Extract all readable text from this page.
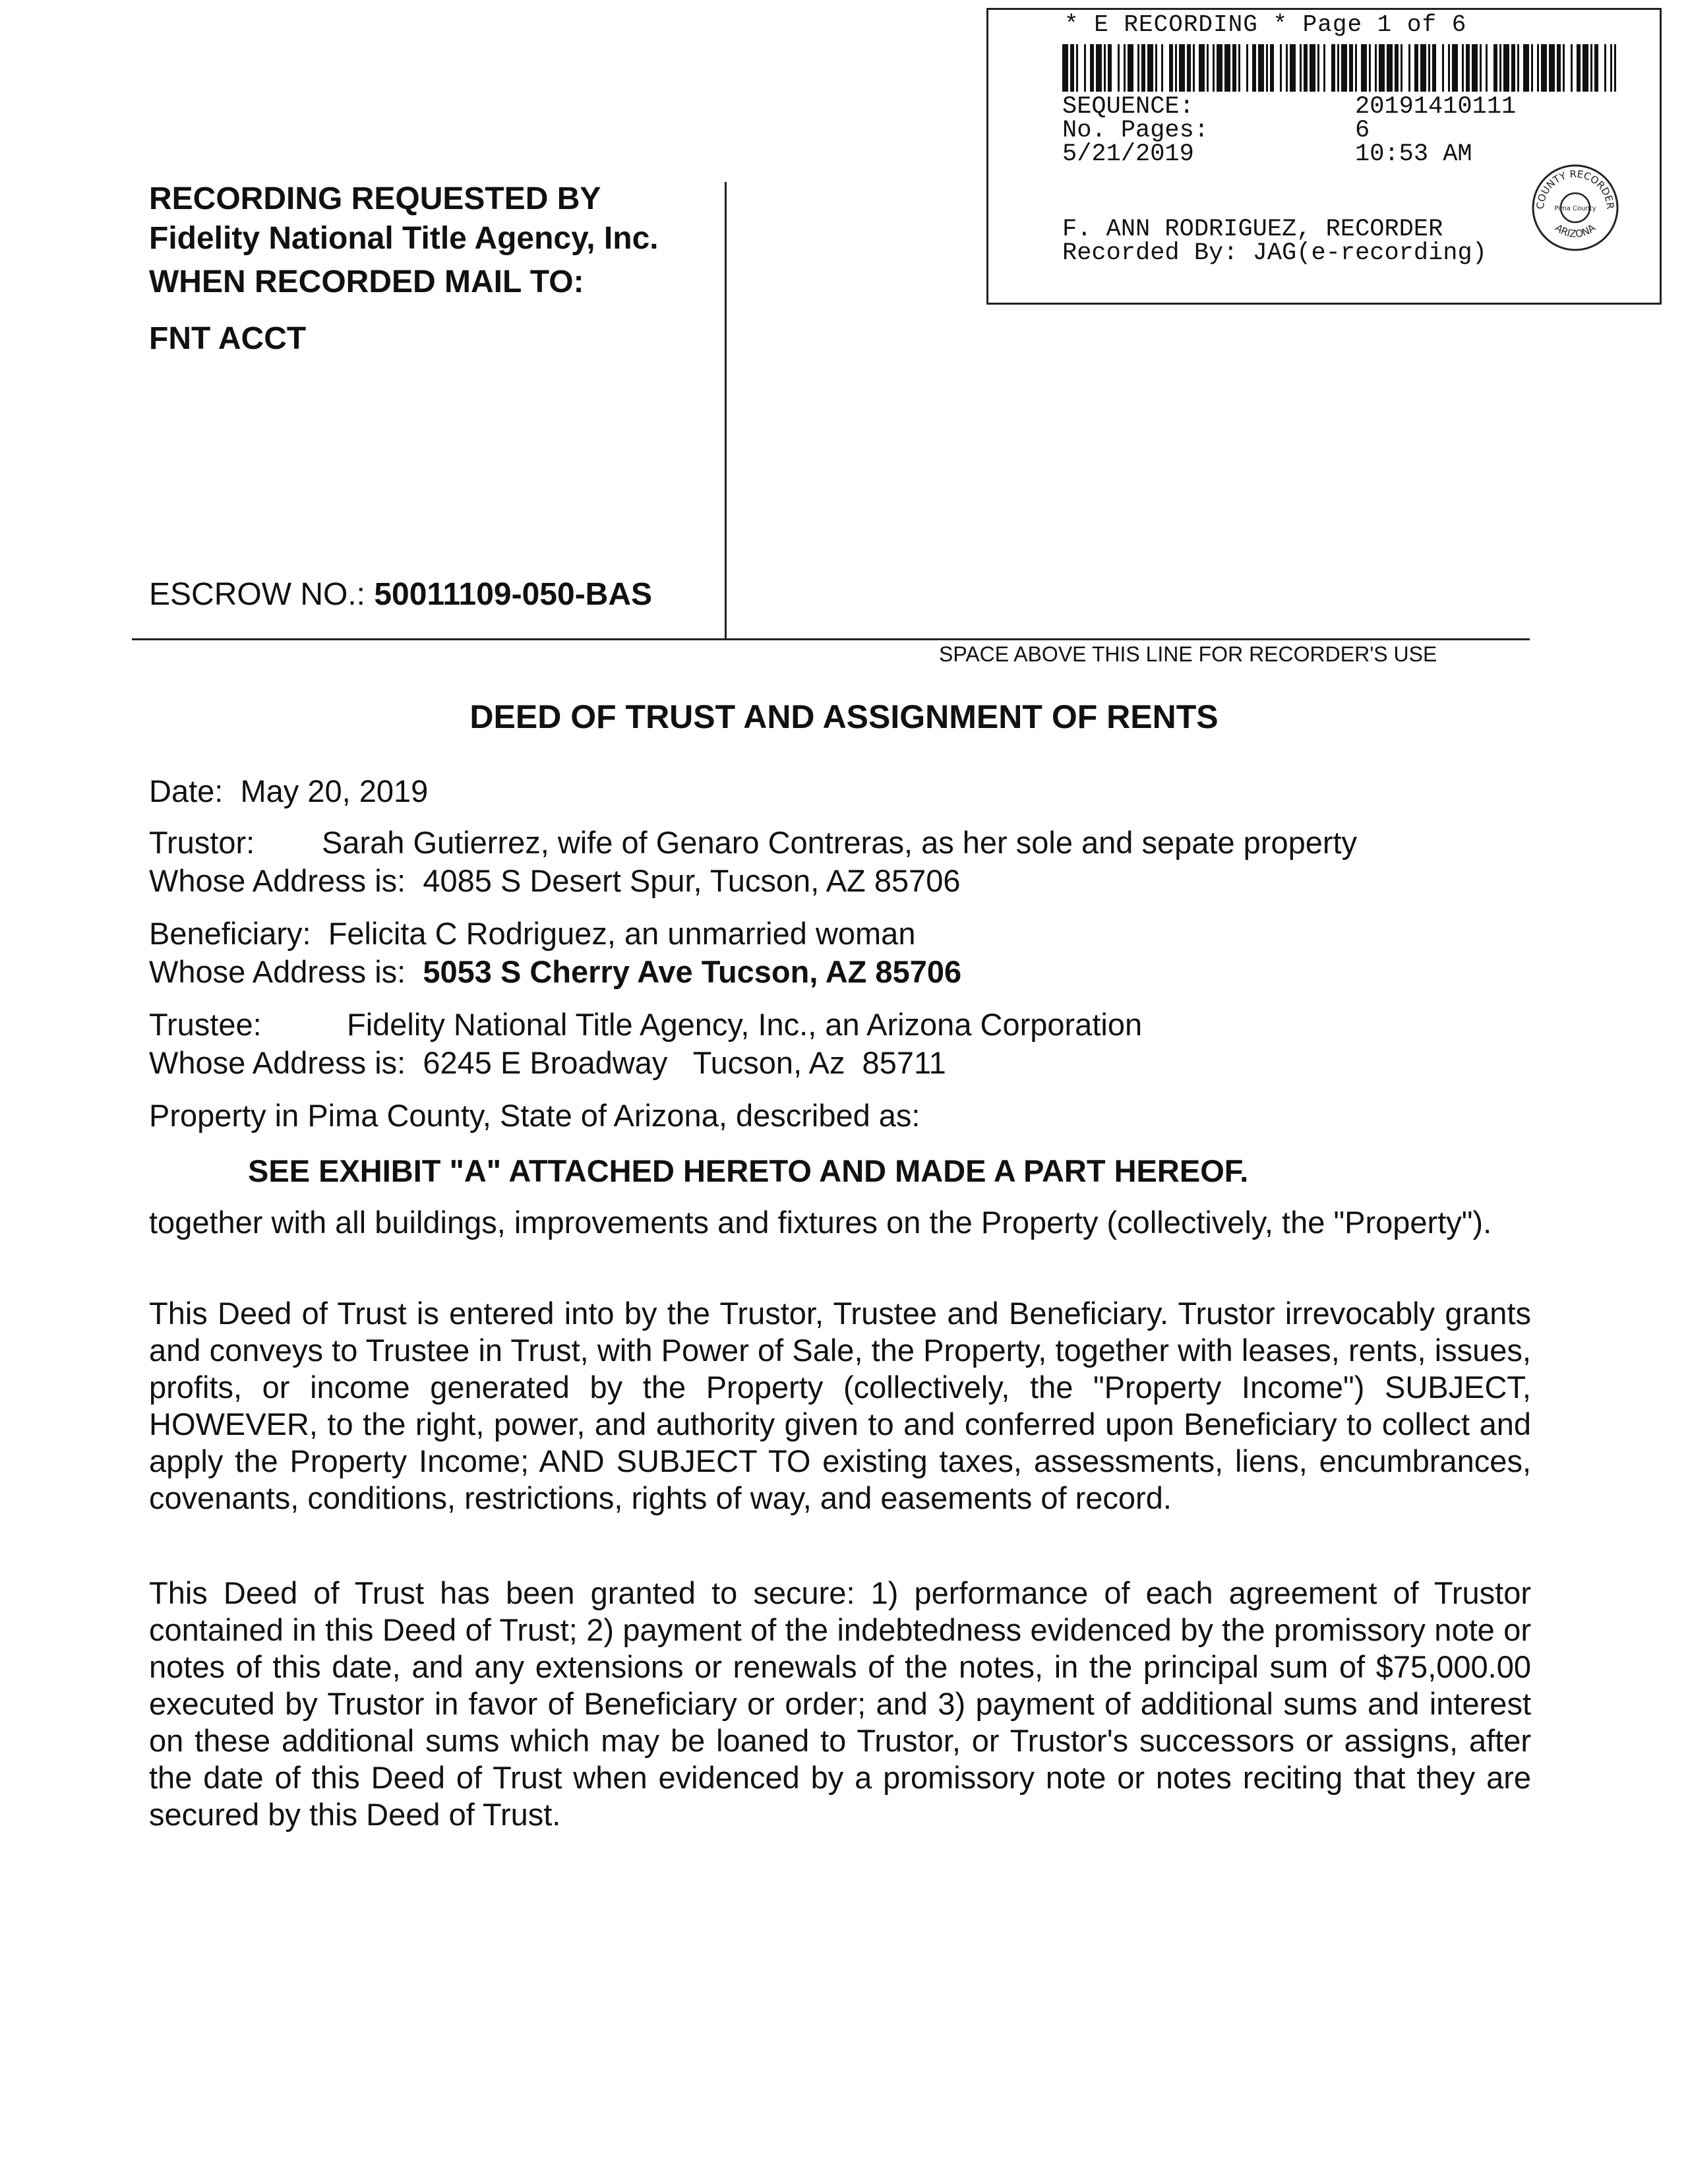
* E RECORDING * Page 1 of 6
SEQUENCE:	20191410111
No. Pages:	6
5/21/2019	10:53 AM
F. ANN RODRIGUEZ, RECORDER
Recorded By: JAG(e-recording)
COUNTY RECORDER
ARIZONA
Pima County
RECORDING REQUESTED BY
Fidelity National Title Agency, Inc.
WHEN RECORDED MAIL TO:
FNT ACCT
ESCROW NO.: 50011109-050-BAS
SPACE ABOVE THIS LINE FOR RECORDER'S USE
DEED OF TRUST AND ASSIGNMENT OF RENTS
Date: May 20, 2019
Trustor: Sarah Gutierrez, wife of Genaro Contreras, as her sole and sepate property
Whose Address is: 4085 S Desert Spur, Tucson, AZ 85706
Beneficiary: Felicita C Rodriguez, an unmarried woman
Whose Address is: 5053 S Cherry Ave Tucson, AZ 85706
Trustee:	Fidelity National Title Agency, Inc., an Arizona Corporation
Whose Address is: 6245 E Broadway   Tucson, Az  85711
Property in Pima County, State of Arizona, described as:
SEE EXHIBIT "A" ATTACHED HERETO AND MADE A PART HEREOF.

together with all buildings, improvements and fixtures on the Property (collectively, the "Property").

This Deed of Trust is entered into by the Trustor, Trustee and Beneficiary. Trustor irrevocably grants and conveys to Trustee in Trust, with Power of Sale, the Property, together with leases, rents, issues, profits, or income generated by the Property (collectively, the "Property Income") SUBJECT, HOWEVER, to the right, power, and authority given to and conferred upon Beneficiary to collect and apply the Property Income; AND SUBJECT TO existing taxes, assessments, liens, encumbrances, covenants, conditions, restrictions, rights of way, and easements of record.

This Deed of Trust has been granted to secure: 1) performance of each agreement of Trustor contained in this Deed of Trust; 2) payment of the indebtedness evidenced by the promissory note or notes of this date, and any extensions or renewals of the notes, in the principal sum of $75,000.00 executed by Trustor in favor of Beneficiary or order; and 3) payment of additional sums and interest on these additional sums which may be loaned to Trustor, or Trustor's successors or assigns, after the date of this Deed of Trust when evidenced by a promissory note or notes reciting that they are secured by this Deed of Trust.
